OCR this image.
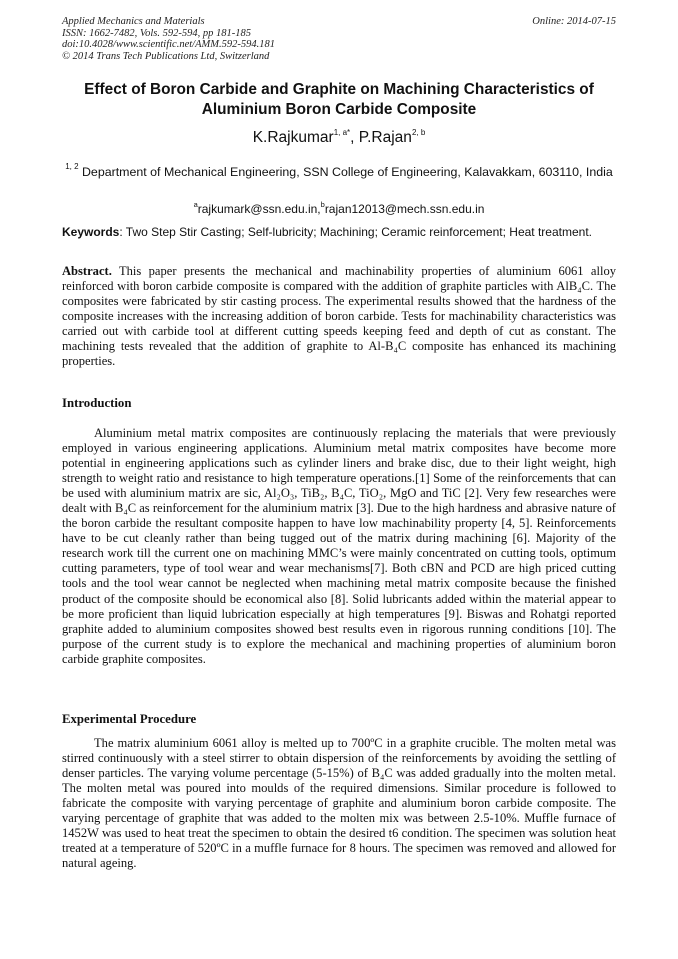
Applied Mechanics and Materials
ISSN: 1662-7482, Vols. 592-594, pp 181-185
doi:10.4028/www.scientific.net/AMM.592-594.181
© 2014 Trans Tech Publications Ltd, Switzerland
Online: 2014-07-15
Effect of Boron Carbide and Graphite on Machining Characteristics of
Aluminium Boron Carbide Composite
K.Rajkumar$^{1, a*}$, P.Rajan$^{2, b}$
$^{1, 2}$ Department of Mechanical Engineering, SSN College of Engineering, Kalavakkam, 603110, India
$^a$rajkumark@ssn.edu.in,$^b$rajan12013@mech.ssn.edu.in
Keywords: Two Step Stir Casting; Self-lubricity; Machining; Ceramic reinforcement; Heat treatment.
Abstract. This paper presents the mechanical and machinability properties of aluminium 6061 alloy reinforced with boron carbide composite is compared with the addition of graphite particles with AlB₄C. The composites were fabricated by stir casting process. The experimental results showed that the hardness of the composite increases with the increasing addition of boron carbide. Tests for machinability characteristics was carried out with carbide tool at different cutting speeds keeping feed and depth of cut as constant. The machining tests revealed that the addition of graphite to Al-B₄C composite has enhanced its machining properties.
Introduction
Aluminium metal matrix composites are continuously replacing the materials that were previously employed in various engineering applications. Aluminium metal matrix composites have become more potential in engineering applications such as cylinder liners and brake disc, due to their light weight, high strength to weight ratio and resistance to high temperature operations.[1] Some of the reinforcements that can be used with aluminium matrix are sic, Al₂O₃, TiB₂, B₄C, TiO₂, MgO and TiC [2]. Very few researches were dealt with B₄C as reinforcement for the aluminium matrix [3]. Due to the high hardness and abrasive nature of the boron carbide the resultant composite happen to have low machinability property [4, 5]. Reinforcements have to be cut cleanly rather than being tugged out of the matrix during machining [6]. Majority of the research work till the current one on machining MMC’s were mainly concentrated on cutting tools, optimum cutting parameters, type of tool wear and wear mechanisms[7]. Both cBN and PCD are high priced cutting tools and the tool wear cannot be neglected when machining metal matrix composite because the finished product of the composite should be economical also [8]. Solid lubricants added within the material appear to be more proficient than liquid lubrication especially at high temperatures [9]. Biswas and Rohatgi reported graphite added to aluminium composites showed best results even in rigorous running conditions [10]. The purpose of the current study is to explore the mechanical and machining properties of aluminium boron carbide graphite composites.
Experimental Procedure
The matrix aluminium 6061 alloy is melted up to 700ºC in a graphite crucible. The molten metal was stirred continuously with a steel stirrer to obtain dispersion of the reinforcements by avoiding the settling of denser particles. The varying volume percentage (5-15%) of B₄C was added gradually into the molten metal. The molten metal was poured into moulds of the required dimensions. Similar procedure is followed to fabricate the composite with varying percentage of graphite and aluminium boron carbide composite. The varying percentage of graphite that was added to the molten mix was between 2.5-10%. Muffle furnace of 1452W was used to heat treat the specimen to obtain the desired t6 condition. The specimen was solution heat treated at a temperature of 520ºC in a muffle furnace for 8 hours. The specimen was removed and allowed for natural ageing.
